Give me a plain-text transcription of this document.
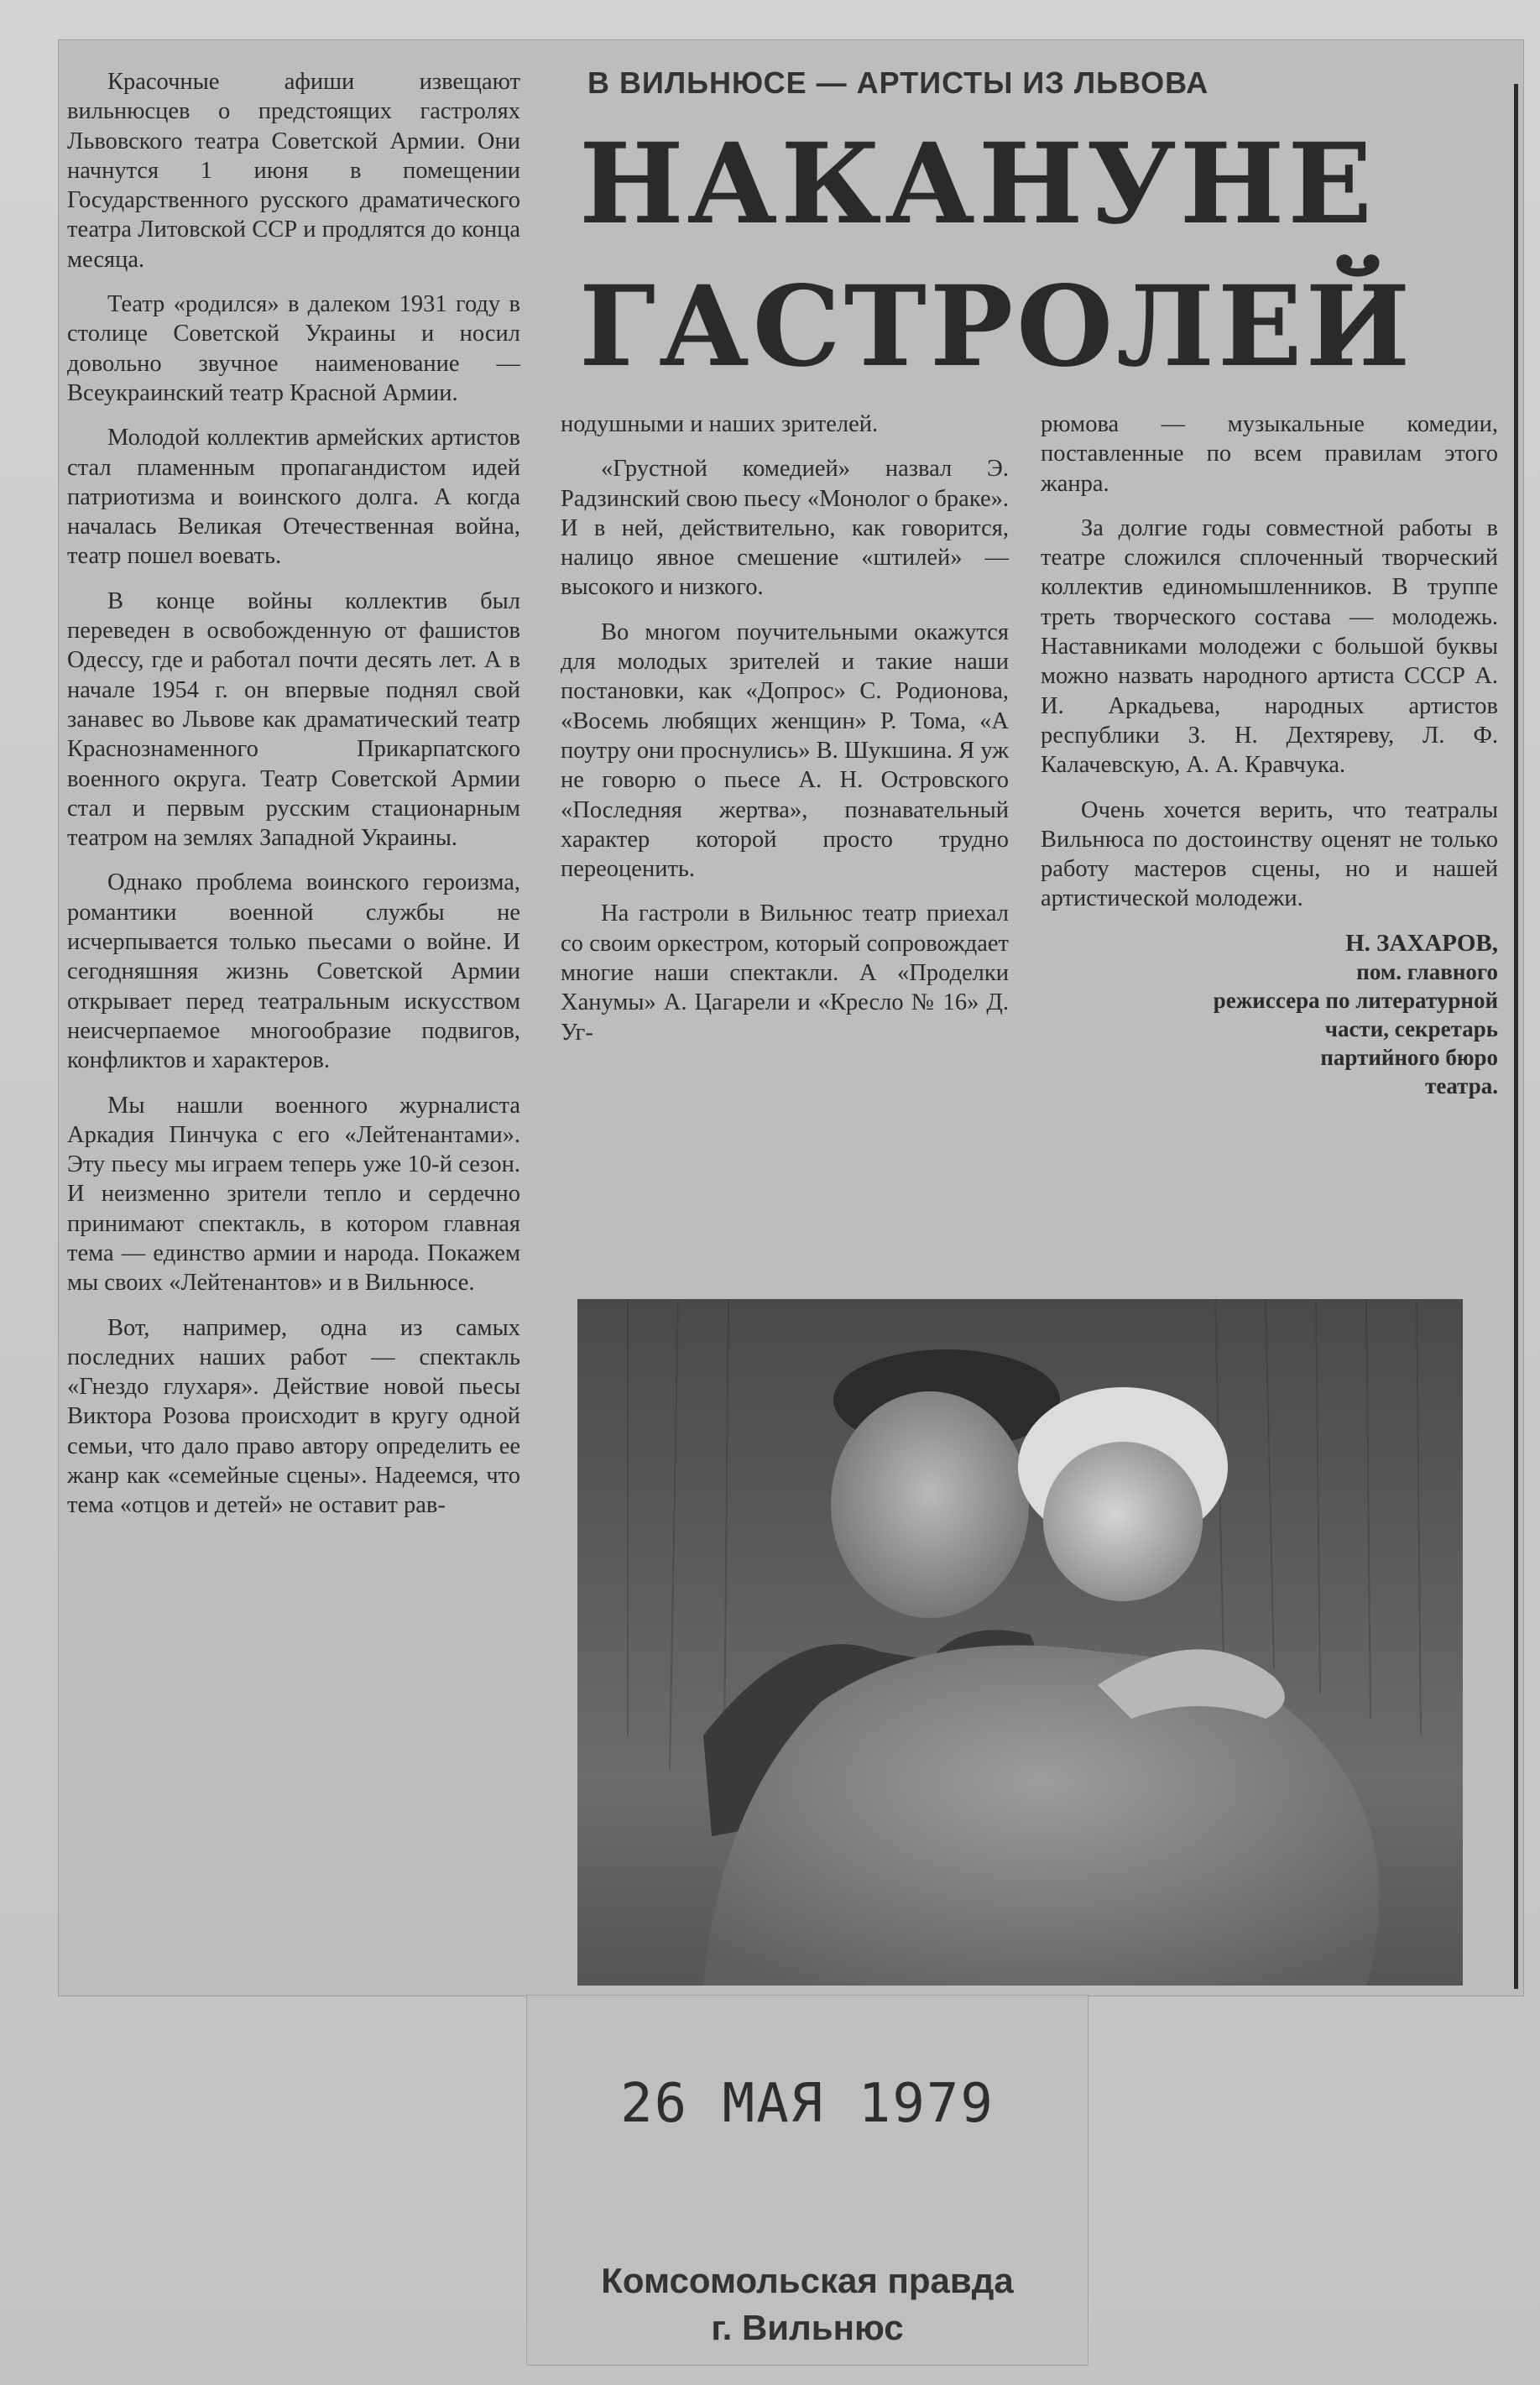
В ВИЛЬНЮСЕ — АРТИСТЫ ИЗ ЛЬВОВА
НАКАНУНЕ
ГАСТРОЛЕЙ

Красочные афиши извещают вильнюсцев о предстоящих гастролях Львовского театра Советской Армии. Они начнутся 1 июня в помещении Государственного русского драматического театра Литовской ССР и продлятся до конца месяца.

Театр «родился» в далеком 1931 году в столице Советской Украины и носил довольно звучное наименование — Всеукраинский театр Красной Армии.

Молодой коллектив армейских артистов стал пламенным пропагандистом идей патриотизма и воинского долга. А когда началась Великая Отечественная война, театр пошел воевать.

В конце войны коллектив был переведен в освобожденную от фашистов Одессу, где и работал почти десять лет. А в начале 1954 г. он впервые поднял свой занавес во Львове как драматический театр Краснознаменного Прикарпатского военного округа. Театр Советской Армии стал и первым русским стационарным театром на землях Западной Украины.

Однако проблема воинского героизма, романтики военной службы не исчерпывается только пьесами о войне. И сегодняшняя жизнь Советской Армии открывает перед театральным искусством неисчерпаемое многообразие подвигов, конфликтов и характеров.

Мы нашли военного журналиста Аркадия Пинчука с его «Лейтенантами». Эту пьесу мы играем теперь уже 10-й сезон. И неизменно зрители тепло и сердечно принимают спектакль, в котором главная тема — единство армии и народа. Покажем мы своих «Лейтенантов» и в Вильнюсе.

Вот, например, одна из самых последних наших работ — спектакль «Гнездо глухаря». Действие новой пьесы Виктора Розова происходит в кругу одной семьи, что дало право автору определить ее жанр как «семейные сцены». Надеемся, что тема «отцов и детей» не оставит рав-

нодушными и наших зрителей.

«Грустной комедией» назвал Э. Радзинский свою пьесу «Монолог о браке». И в ней, действительно, как говорится, налицо явное смешение «штилей» — высокого и низкого.

Во многом поучительными окажутся для молодых зрителей и такие наши постановки, как «Допрос» С. Родионова, «Восемь любящих женщин» Р. Тома, «А поутру они проснулись» В. Шукшина. Я уж не говорю о пьесе А. Н. Островского «Последняя жертва», познавательный характер которой просто трудно переоценить.

На гастроли в Вильнюс театр приехал со своим оркестром, который сопровождает многие наши спектакли. А «Проделки Ханумы» А. Цагарели и «Кресло № 16» Д. Уг-

рюмова — музыкальные комедии, поставленные по всем правилам этого жанра.

За долгие годы совместной работы в театре сложился сплоченный творческий коллектив единомышленников. В труппе треть творческого состава — молодежь. Наставниками молодежи с большой буквы можно назвать народного артиста СССР А. И. Аркадьева, народных артистов республики З. Н. Дехтяреву, Л. Ф. Калачевскую, А. А. Кравчука.

Очень хочется верить, что театралы Вильнюса по достоинству оценят не только работу мастеров сцены, но и нашей артистической молодежи.

Н. ЗАХАРОВ,
пом. главного
режиссера по литературной
части, секретарь
партийного бюро
театра.
26 МАЯ 1979
Комсомольская правда
г. Вильнюс
